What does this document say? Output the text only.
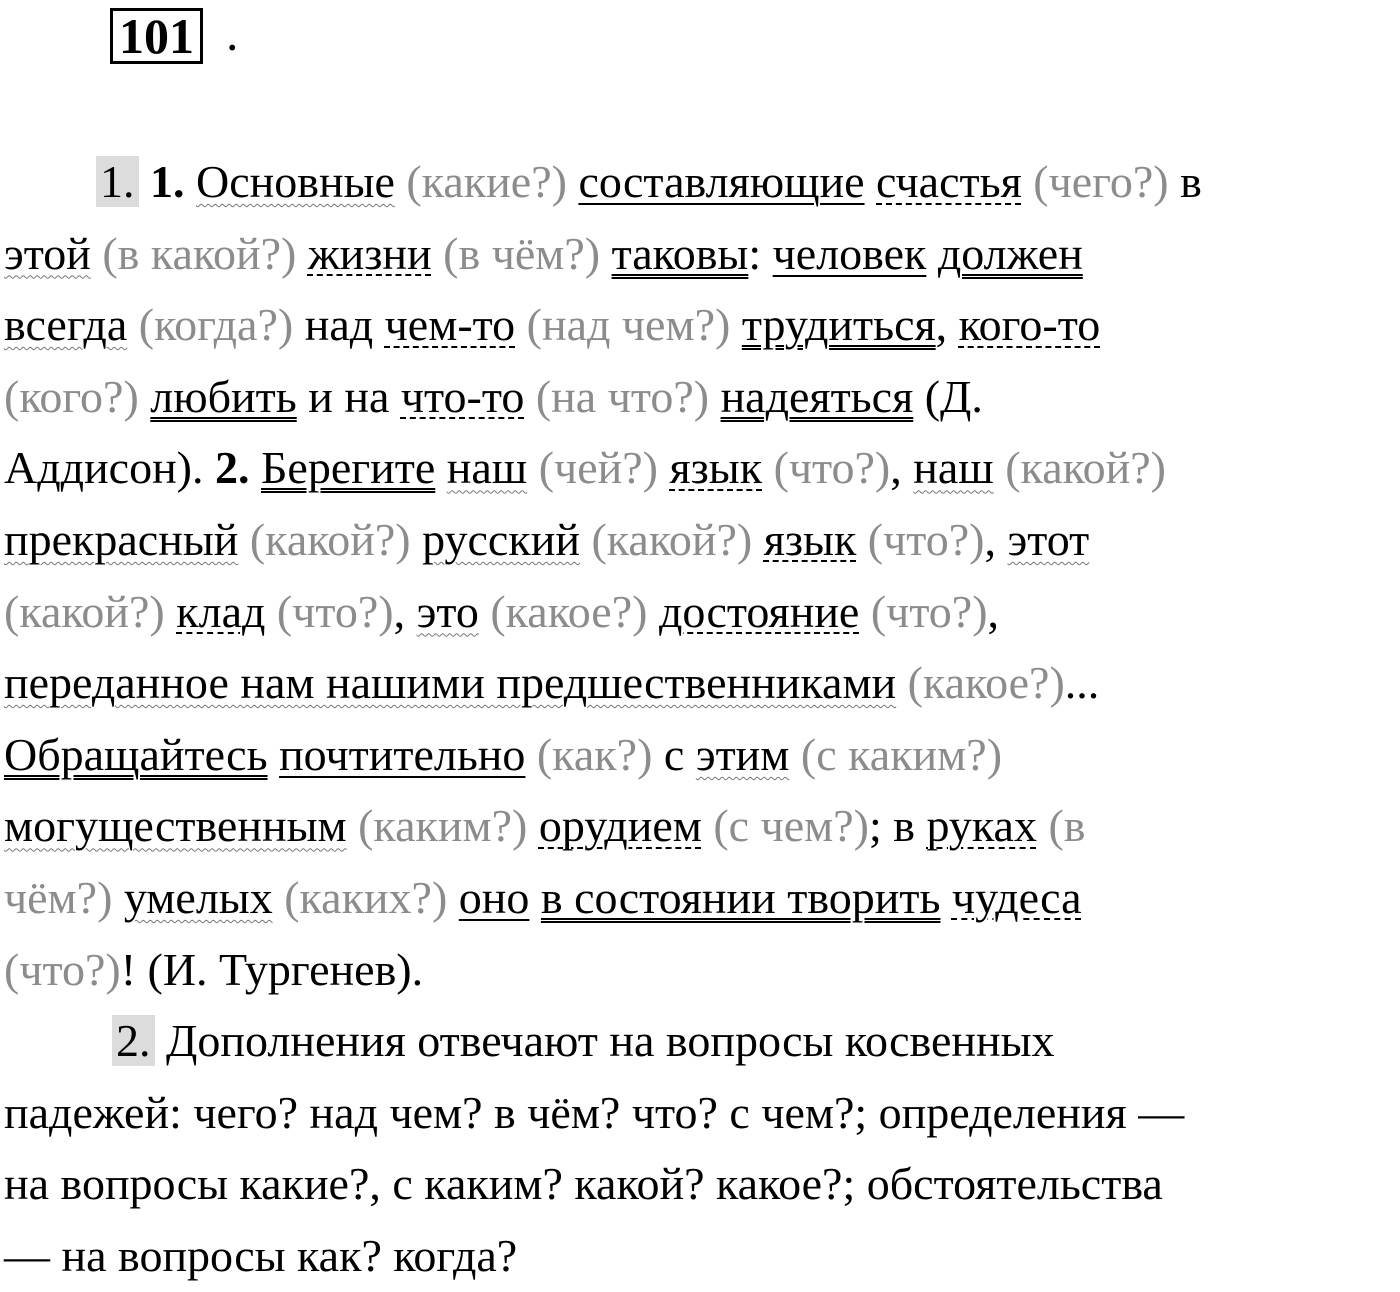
101 .
1. 1. Основные (какие?) составляющие счастья (чего?) в
этой (в какой?) жизни (в чём?) таковы: человек должен
всегда (когда?) над чем-то (над чем?) трудиться, кого-то
(кого?) любить и на что-то (на что?) надеяться (Д.
Аддисон). 2. Берегите наш (чей?) язык (что?), наш (какой?)
прекрасный (какой?) русский (какой?) язык (что?), этот
(какой?) клад (что?), это (какое?) достояние (что?),
переданное нам нашими предшественниками (какое?)...
Обращайтесь почтительно (как?) с этим (с каким?)
могущественным (каким?) орудием (с чем?); в руках (в
чём?) умелых (каких?) оно в состоянии творить чудеса
(что?)! (И. Тургенев).
2. Дополнения отвечают на вопросы косвенных
падежей: чего? над чем? в чём? что? с чем?; определения —
на вопросы какие?, с каким? какой? какое?; обстоятельства
— на вопросы как? когда?
